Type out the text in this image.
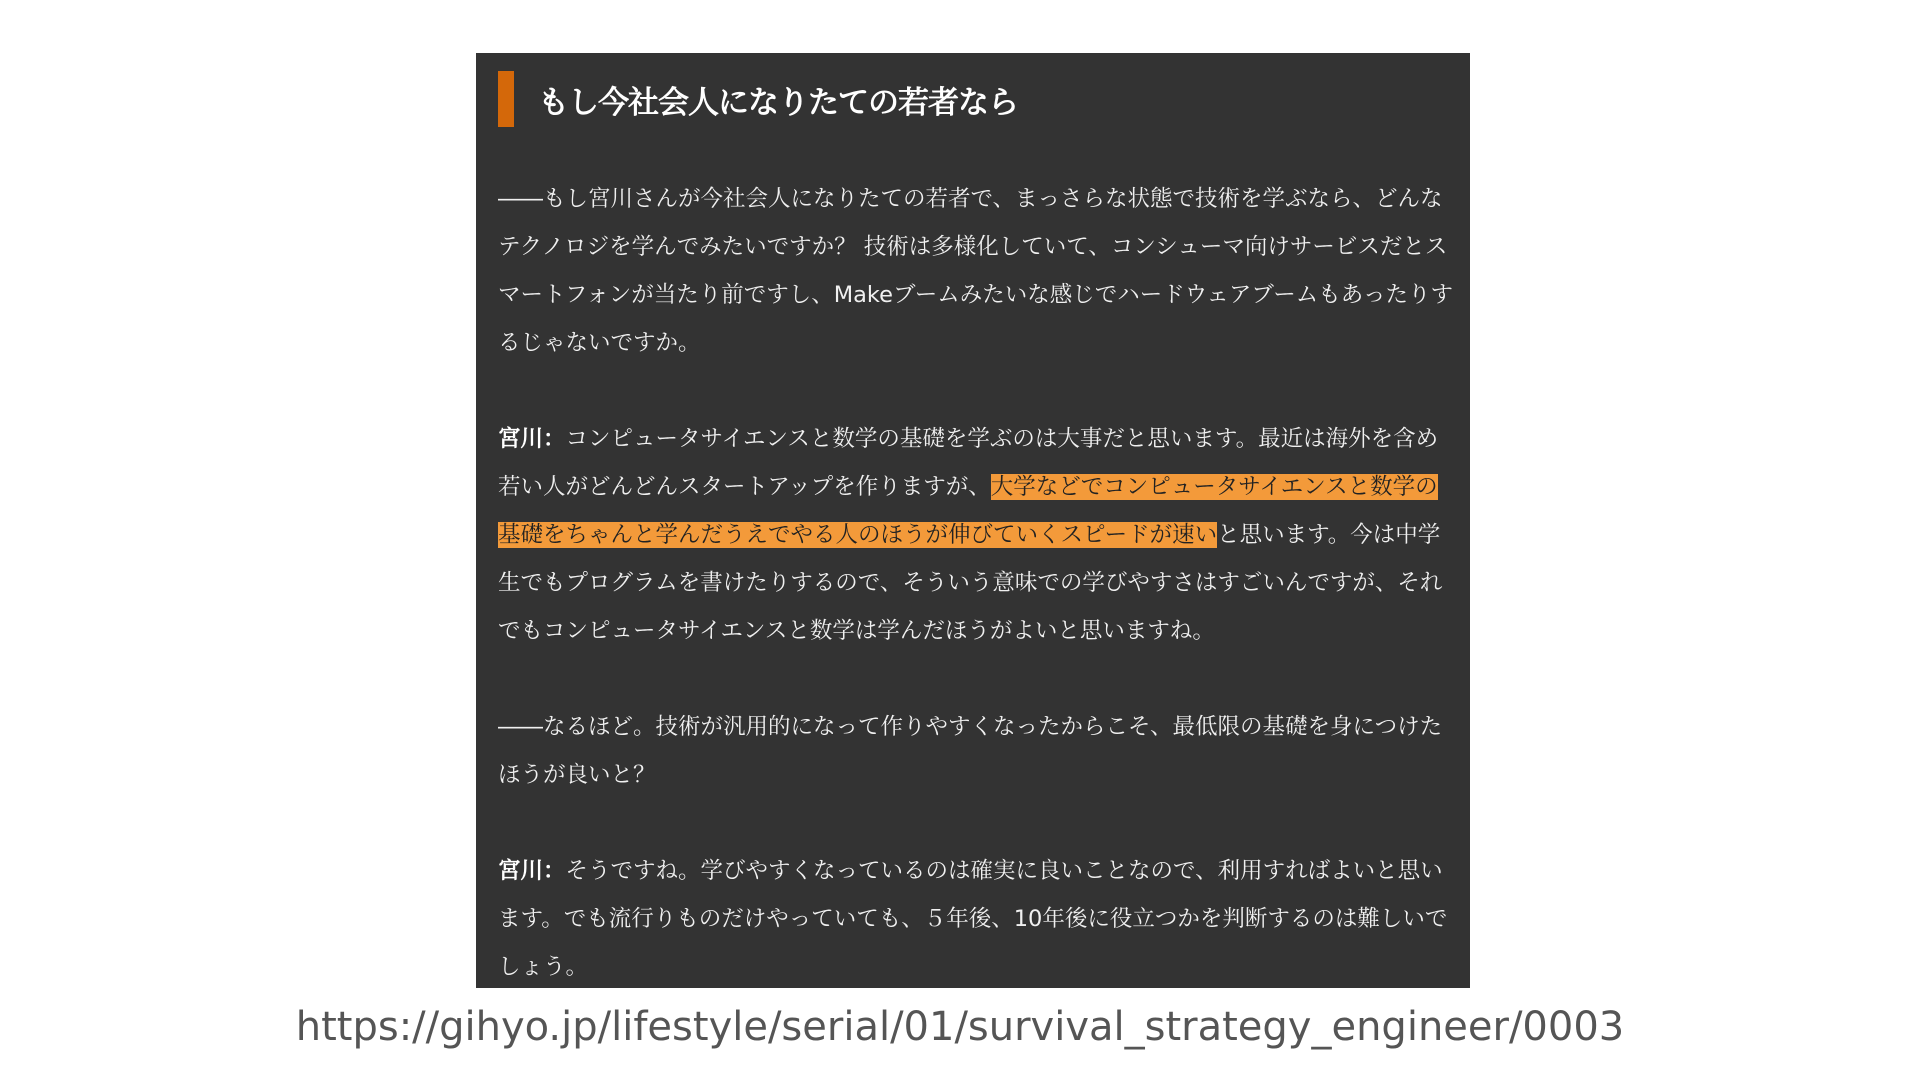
もし今社会人になりたての若者なら

――もし宮川さんが今社会人になりたての若者で、まっさらな状態で技術を学ぶなら、どんなテクノロジを学んでみたいですか？ 技術は多様化していて、コンシューマ向けサービスだとスマートフォンが当たり前ですし、Makeブームみたいな感じでハードウェアブームもあったりするじゃないですか。

宮川：コンピュータサイエンスと数学の基礎を学ぶのは大事だと思います。最近は海外を含め若い人がどんどんスタートアップを作りますが、大学などでコンピュータサイエンスと数学の基礎をちゃんと学んだうえでやる人のほうが伸びていくスピードが速いと思います。今は中学生でもプログラムを書けたりするので、そういう意味での学びやすさはすごいんですが、それでもコンピュータサイエンスと数学は学んだほうがよいと思いますね。

――なるほど。技術が汎用的になって作りやすくなったからこそ、最低限の基礎を身につけたほうが良いと？

宮川：そうですね。学びやすくなっているのは確実に良いことなので、利用すればよいと思います。でも流行りものだけやっていても、５年後、10年後に役立つかを判断するのは難しいでしょう。

https://gihyo.jp/lifestyle/serial/01/survival_strategy_engineer/0003
